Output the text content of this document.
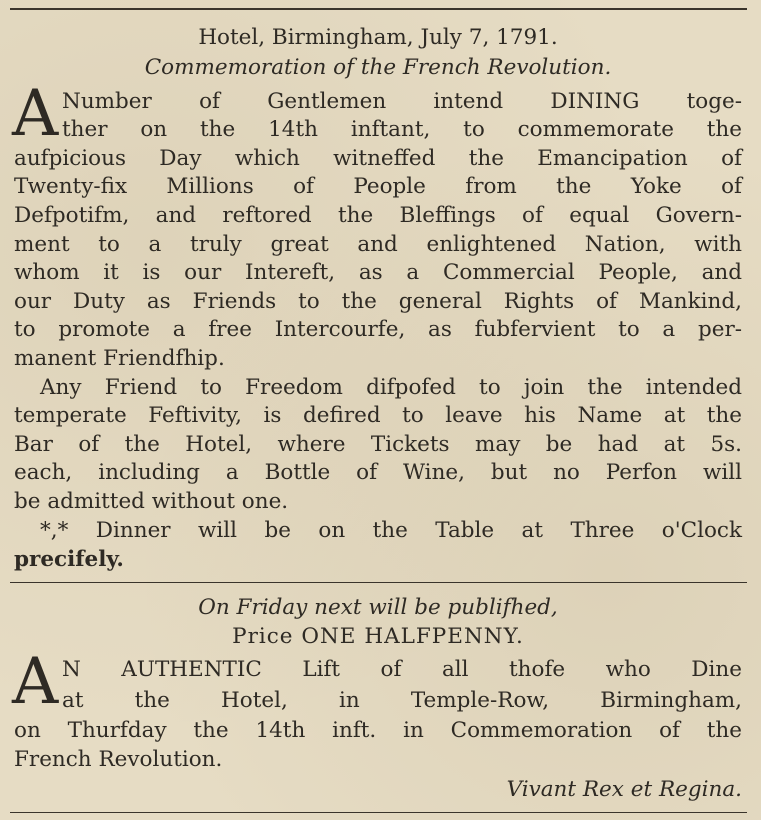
Hotel, Birmingham, July 7, 1791.
Commemoration of the French Revolution.
A Number of Gentlemen intend DINING toge-
ther on the 14th inftant, to commemorate the
aufpicious Day which witneffed the Emancipation of
Twenty-fix Millions of People from the Yoke of
Defpotifm, and reftored the Bleffings of equal Govern-
ment to a truly great and enlightened Nation, with
whom it is our Intereft, as a Commercial People, and
our Duty as Friends to the general Rights of Mankind,
to promote a free Intercourfe, as fubfervient to a per-
manent Friendfhip.
Any Friend to Freedom difpofed to join the intended
temperate Feftivity, is defired to leave his Name at the
Bar of the Hotel, where Tickets may be had at 5s.
each, including a Bottle of Wine, but no Perfon will
be admitted without one.
*,* Dinner will be on the Table at Three o'Clock
precifely.
On Friday next will be publifhed,
Price ONE HALFPENNY.
A N AUTHENTIC Lift of all thofe who Dine
at the Hotel, in Temple-Row, Birmingham,
on Thurfday the 14th inft. in Commemoration of the
French Revolution.
Vivant Rex et Regina.
